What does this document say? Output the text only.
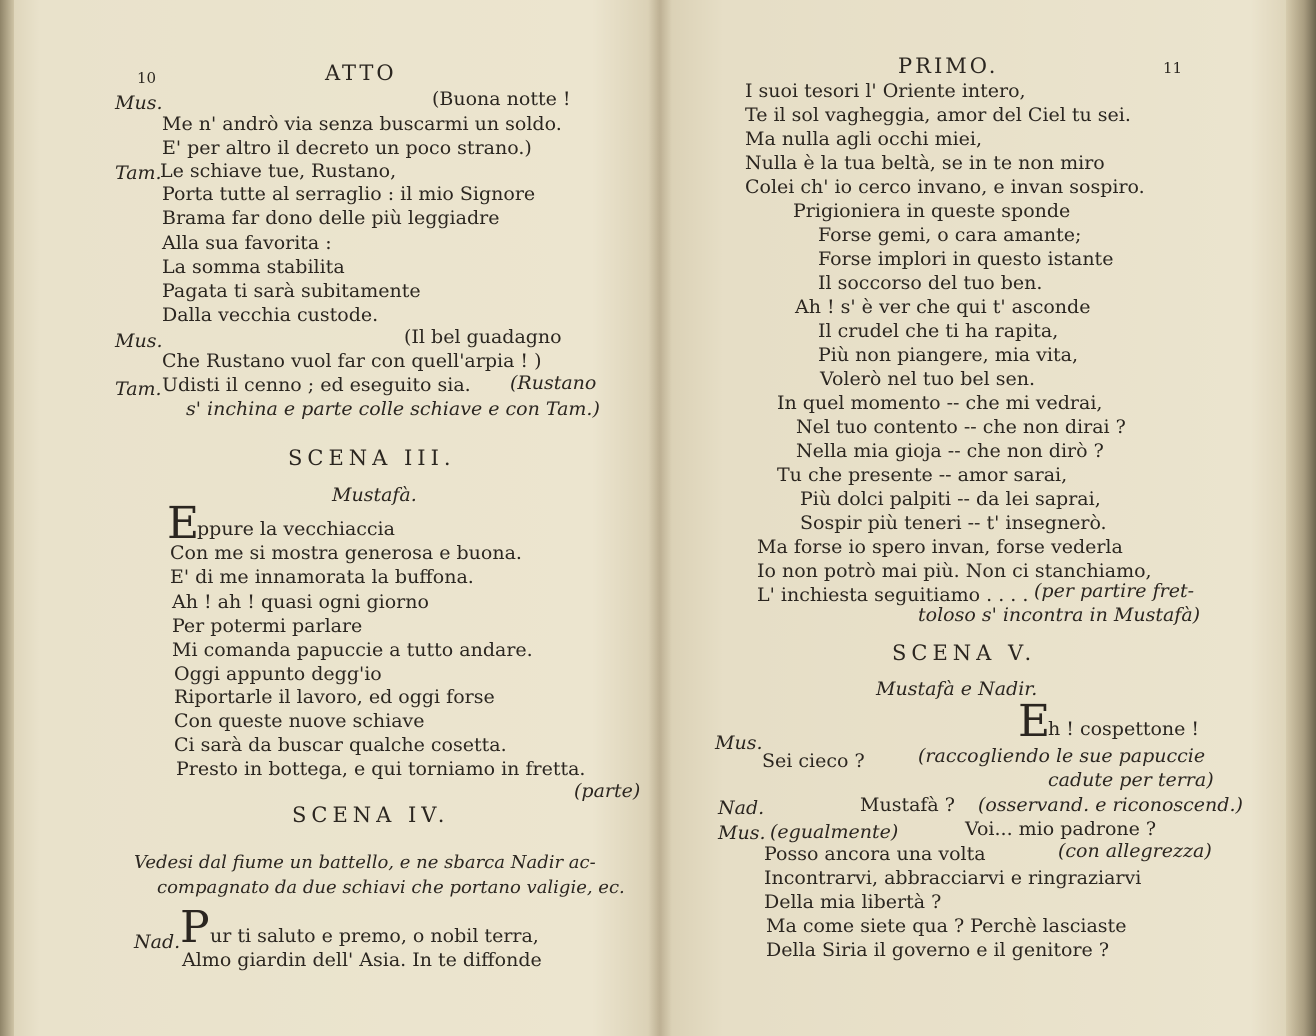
10	ATTO
Mus.	(Buona notte !
Me n' andrò via senza buscarmi un soldo.
E' per altro il decreto un poco strano.)
Tam.
Le schiave tue, Rustano,
Porta tutte al serraglio : il mio Signore
Brama far dono delle più leggiadre
Alla sua favorita :
La somma stabilita
Pagata ti sarà subitamente
Dalla vecchia custode.
Mus.	(Il bel guadagno
Che Rustano vuol far con quell'arpia ! )
Tam. Udisti il cenno ; ed eseguito sia. (Rustano
s' inchina e parte colle schiave e con Tam.)
SCENA III.
Mustafà.
E
ppure la vecchiaccia
Con me si mostra generosa e buona.
E' di me innamorata la buffona.
Ah ! ah ! quasi ogni giorno
Per potermi parlare
Mi comanda papuccie a tutto andare.
Oggi appunto degg'io
Riportarle il lavoro, ed oggi forse
Con queste nuove schiave
Ci sarà da buscar qualche cosetta.
Presto in bottega, e qui torniamo in fretta.
(parte)
SCENA IV.
Vedesi dal fiume un battello, e ne sbarca Nadir ac-
compagnato da due schiavi che portano valigie, ec.
Nad. P ur ti saluto e premo, o nobil terra,
Almo giardin dell' Asia. In te diffonde
PRIMO.	11
I suoi tesori l' Oriente intero,
Te il sol vagheggia, amor del Ciel tu sei.
Ma nulla agli occhi miei,
Nulla è la tua beltà, se in te non miro
Colei ch' io cerco invano, e invan sospiro.
Prigioniera in queste sponde
Forse gemi, o cara amante;
Forse implori in questo istante
Il soccorso del tuo ben.
Ah ! s' è ver che qui t' asconde
Il crudel che ti ha rapita,
Più non piangere, mia vita,
Volerò nel tuo bel sen.
In quel momento -- che mi vedrai,
Nel tuo contento -- che non dirai ?
Nella mia gioja -- che non dirò ?
Tu che presente -- amor sarai,
Più dolci palpiti -- da lei saprai,
Sospir più teneri -- t' insegnerò.
Ma forse io spero invan, forse vederla
Io non potrò mai più. Non ci stanchiamo,
L' inchiesta seguitiamo . . . . (per partire fret-
toloso s' incontra in Mustafà)
SCENA V.
Mustafà e Nadir.
E
h ! cospettone !
Mus.
Sei cieco ?	(raccogliendo le sue papuccie
cadute per terra)
Nad.	Mustafà ? (osservand. e riconoscend.)
Mus. (egualmente)	Voi... mio padrone ?
Posso ancora una volta	(con allegrezza)
Incontrarvi, abbracciarvi e ringraziarvi
Della mia libertà ?
Ma come siete qua ? Perchè lasciaste
Della Siria il governo e il genitore ?
